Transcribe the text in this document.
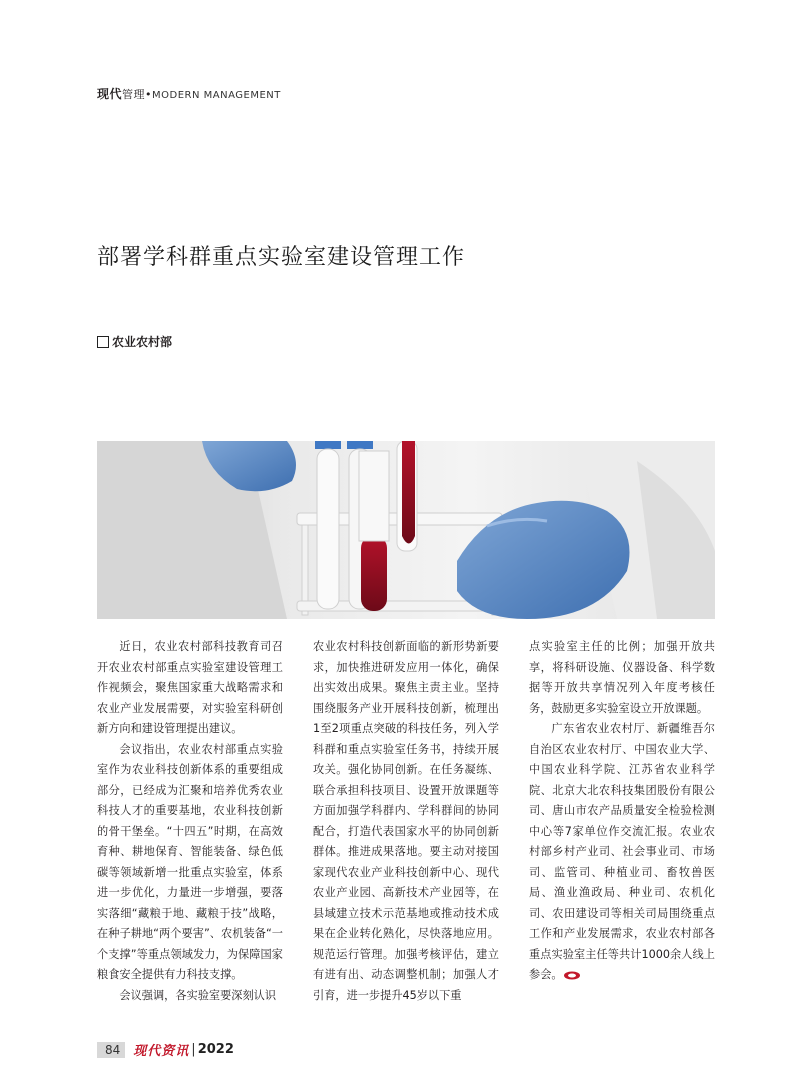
现代管理•MODERN MANAGEMENT
部署学科群重点实验室建设管理工作
农业农村部

近日，农业农村部科技教育司召开农业农村部重点实验室建设管理工作视频会，聚焦国家重大战略需求和农业产业发展需要，对实验室科研创新方向和建设管理提出建议。

会议指出，农业农村部重点实验室作为农业科技创新体系的重要组成部分，已经成为汇聚和培养优秀农业科技人才的重要基地，农业科技创新的骨干堡垒。“十四五”时期，在高效育种、耕地保育、智能装备、绿色低碳等领域新增一批重点实验室，体系进一步优化，力量进一步增强，要落实落细“藏粮于地、藏粮于技”战略，在种子耕地“两个要害”、农机装备“一个支撑”等重点领域发力，为保障国家粮食安全提供有力科技支撑。

会议强调，各实验室要深刻认识

农业农村科技创新面临的新形势新要求，加快推进研发应用一体化，确保出实效出成果。聚焦主责主业。坚持围绕服务产业开展科技创新，梳理出1至2项重点突破的科技任务，列入学科群和重点实验室任务书，持续开展攻关。强化协同创新。在任务凝练、联合承担科技项目、设置开放课题等方面加强学科群内、学科群间的协同配合，打造代表国家水平的协同创新群体。推进成果落地。要主动对接国家现代农业产业科技创新中心、现代农业产业园、高新技术产业园等，在县域建立技术示范基地或推动技术成果在企业转化熟化，尽快落地应用。规范运行管理。加强考核评估，建立有进有出、动态调整机制；加强人才引育，进一步提升45岁以下重

点实验室主任的比例；加强开放共享，将科研设施、仪器设备、科学数据等开放共享情况列入年度考核任务，鼓励更多实验室设立开放课题。

广东省农业农村厅、新疆维吾尔自治区农业农村厅、中国农业大学、中国农业科学院、江苏省农业科学院、北京大北农科技集团股份有限公司、唐山市农产品质量安全检验检测中心等7家单位作交流汇报。农业农村部乡村产业司、社会事业司、市场司、监管司、种植业司、畜牧兽医局、渔业渔政局、种业司、农机化司、农田建设司等相关司局围绕重点工作和产业发展需求，农业农村部各重点实验室主任等共计1000余人线上参会。

84	现代资讯 | 2022
